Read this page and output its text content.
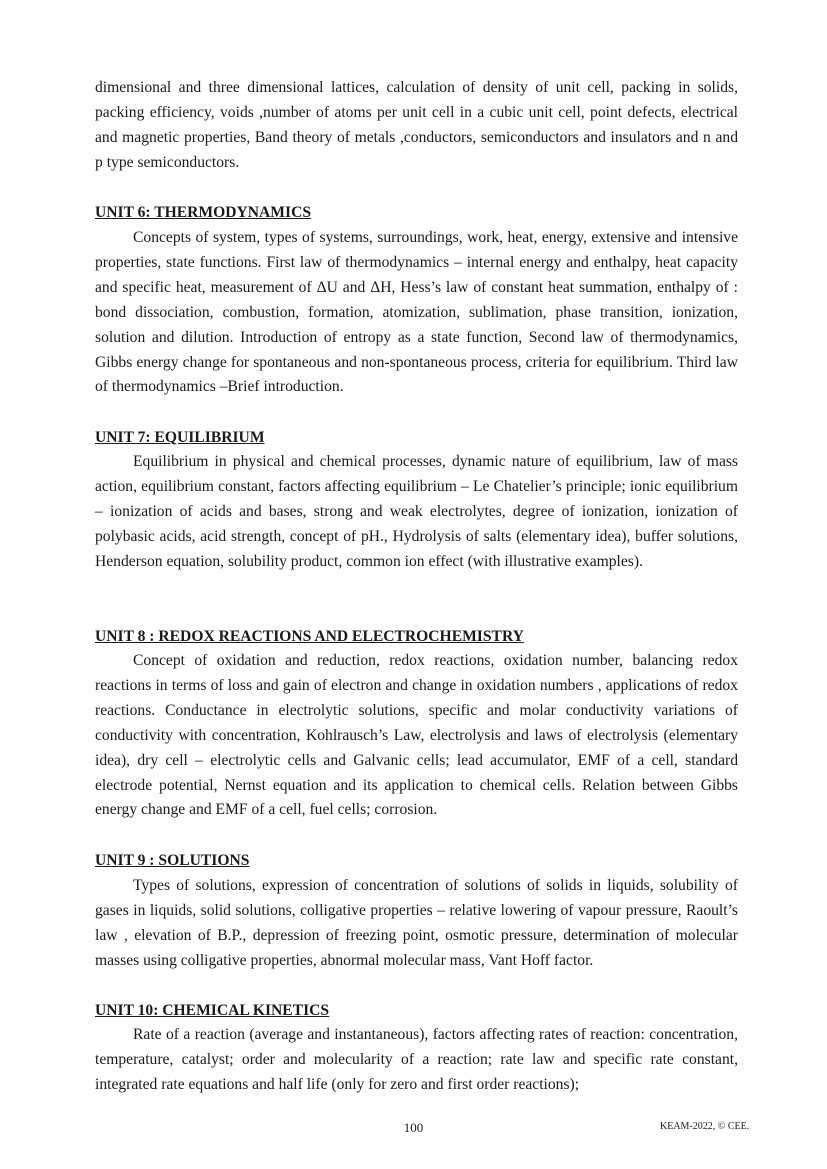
dimensional and three dimensional lattices, calculation of density of unit cell, packing in solids, packing efficiency, voids ,number of atoms per unit cell in a cubic unit cell, point defects, electrical and magnetic properties, Band theory of metals ,conductors, semiconductors and insulators and n and p type semiconductors.

UNIT 6: THERMODYNAMICS

Concepts of system, types of systems, surroundings, work, heat, energy, extensive and intensive properties, state functions. First law of thermodynamics – internal energy and enthalpy, heat capacity and specific heat, measurement of ΔU and ΔH, Hess’s law of constant heat summation, enthalpy of : bond dissociation, combustion, formation, atomization, sublimation, phase transition, ionization, solution and dilution. Introduction of entropy as a state function, Second law of thermodynamics, Gibbs energy change for spontaneous and non-spontaneous process, criteria for equilibrium. Third law of thermodynamics –Brief introduction.

UNIT 7: EQUILIBRIUM

Equilibrium in physical and chemical processes, dynamic nature of equilibrium, law of mass action, equilibrium constant, factors affecting equilibrium – Le Chatelier’s principle; ionic equilibrium – ionization of acids and bases, strong and weak electrolytes, degree of ionization, ionization of polybasic acids, acid strength, concept of pH., Hydrolysis of salts (elementary idea), buffer solutions, Henderson equation, solubility product, common ion effect (with illustrative examples).

UNIT 8 : REDOX REACTIONS AND ELECTROCHEMISTRY

Concept of oxidation and reduction, redox reactions, oxidation number, balancing redox reactions in terms of loss and gain of electron and change in oxidation numbers , applications of redox reactions. Conductance in electrolytic solutions, specific and molar conductivity variations of conductivity with concentration, Kohlrausch’s Law, electrolysis and laws of electrolysis (elementary idea), dry cell – electrolytic cells and Galvanic cells; lead accumulator, EMF of a cell, standard electrode potential, Nernst equation and its application to chemical cells. Relation between Gibbs energy change and EMF of a cell, fuel cells; corrosion.

UNIT 9 : SOLUTIONS

Types of solutions, expression of concentration of solutions of solids in liquids, solubility of gases in liquids, solid solutions, colligative properties – relative lowering of vapour pressure, Raoult’s law , elevation of B.P., depression of freezing point, osmotic pressure, determination of molecular masses using colligative properties, abnormal molecular mass, Vant Hoff factor.

UNIT 10: CHEMICAL KINETICS

Rate of a reaction (average and instantaneous), factors affecting rates of reaction: concentration, temperature, catalyst; order and molecularity of a reaction; rate law and specific rate constant, integrated rate equations and half life (only for zero and first order reactions);

100	KEAM-2022, © CEE.
